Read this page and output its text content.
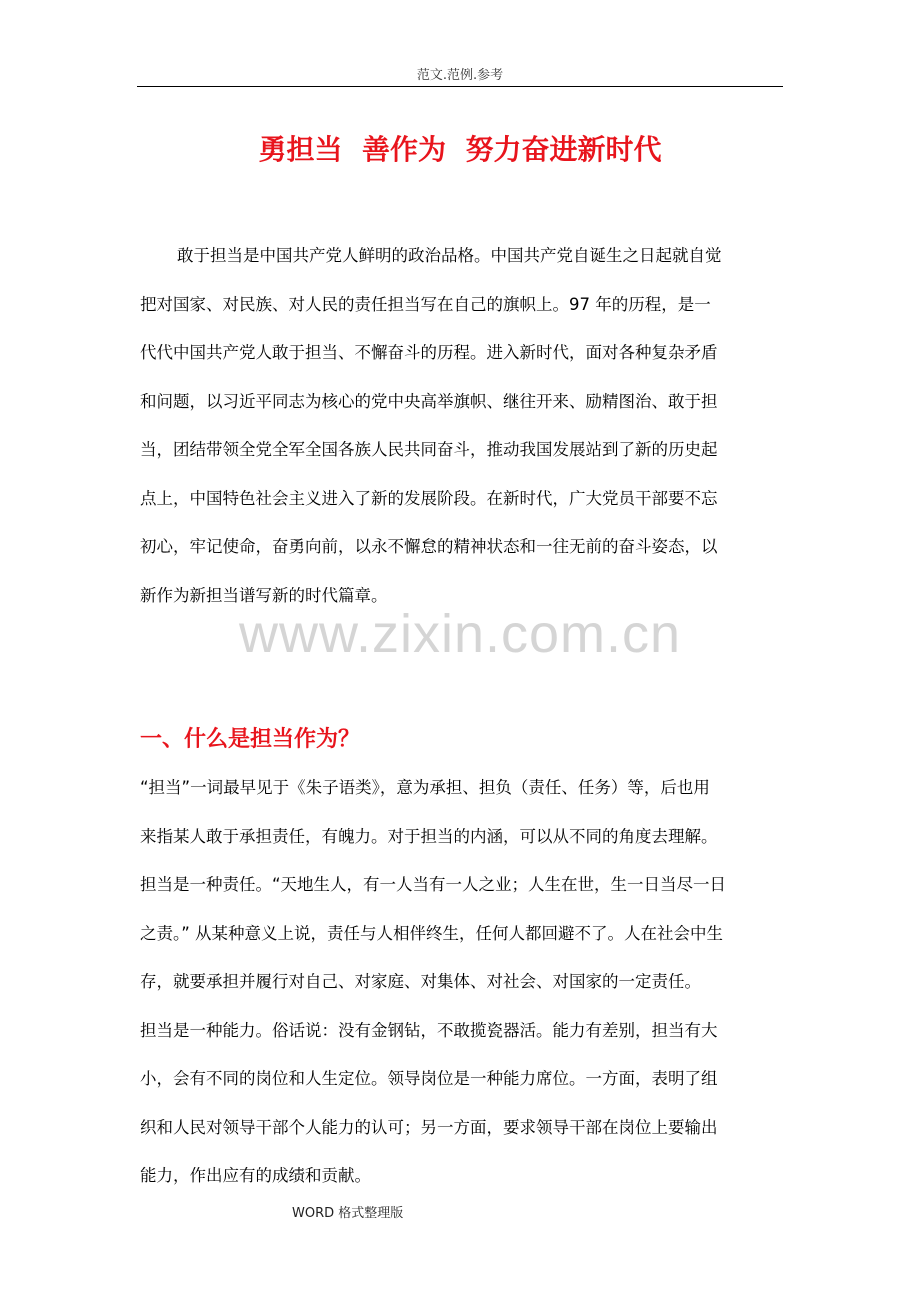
范文.范例.参考
勇担当  善作为  努力奋进新时代
敢于担当是中国共产党人鲜明的政治品格。中国共产党自诞生之日起就自觉
把对国家、对民族、对人民的责任担当写在自己的旗帜上。97 年的历程，是一
代代中国共产党人敢于担当、不懈奋斗的历程。进入新时代，面对各种复杂矛盾
和问题，以习近平同志为核心的党中央高举旗帜、继往开来、励精图治、敢于担
当，团结带领全党全军全国各族人民共同奋斗，推动我国发展站到了新的历史起
点上，中国特色社会主义进入了新的发展阶段。在新时代，广大党员干部要不忘
初心，牢记使命，奋勇向前，以永不懈怠的精神状态和一往无前的奋斗姿态，以
新作为新担当谱写新的时代篇章。
www.zixin.com.cn
一、什么是担当作为？
“担当”一词最早见于《朱子语类》，意为承担、担负（责任、任务）等，后也用
来指某人敢于承担责任，有魄力。对于担当的内涵，可以从不同的角度去理解。
担当是一种责任。“天地生人，有一人当有一人之业；人生在世，生一日当尽一日
之责。” 从某种意义上说，责任与人相伴终生，任何人都回避不了。人在社会中生
存，就要承担并履行对自己、对家庭、对集体、对社会、对国家的一定责任。
担当是一种能力。俗话说：没有金钢钻，不敢揽瓷器活。能力有差别，担当有大
小，会有不同的岗位和人生定位。领导岗位是一种能力席位。一方面，表明了组
织和人民对领导干部个人能力的认可；另一方面，要求领导干部在岗位上要输出
能力，作出应有的成绩和贡献。
WORD 格式整理版
